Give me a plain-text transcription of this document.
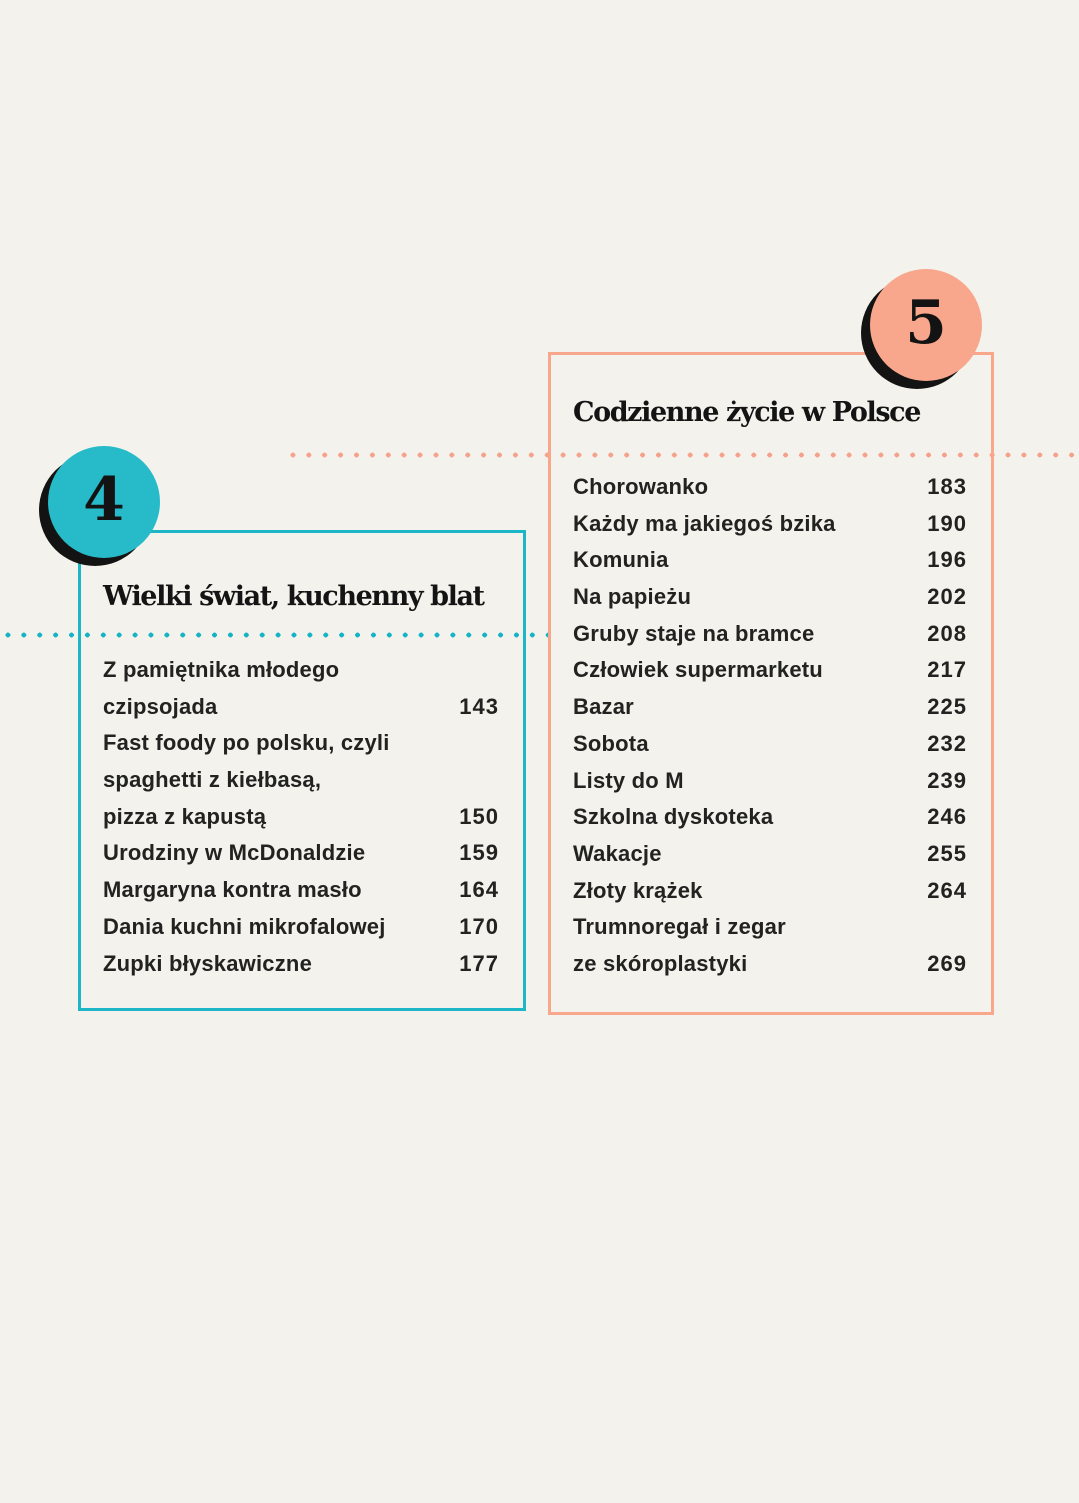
Wielki świat, kuchenny blat
Z pamiętnika młodego
czipsojada	143
Fast foody po polsku, czyli
spaghetti z kiełbasą,
pizza z kapustą	150
Urodziny w McDonaldzie	159
Margaryna kontra masło	164
Dania kuchni mikrofalowej	170
Zupki błyskawiczne	177
Codzienne życie w Polsce
Chorowanko	183
Każdy ma jakiegoś bzika	190
Komunia	196
Na papieżu	202
Gruby staje na bramce	208
Człowiek supermarketu	217
Bazar	225
Sobota	232
Listy do M	239
Szkolna dyskoteka	246
Wakacje	255
Złoty krążek	264
Trumnoregał i zegar
ze skóroplastyki	269
4
5
